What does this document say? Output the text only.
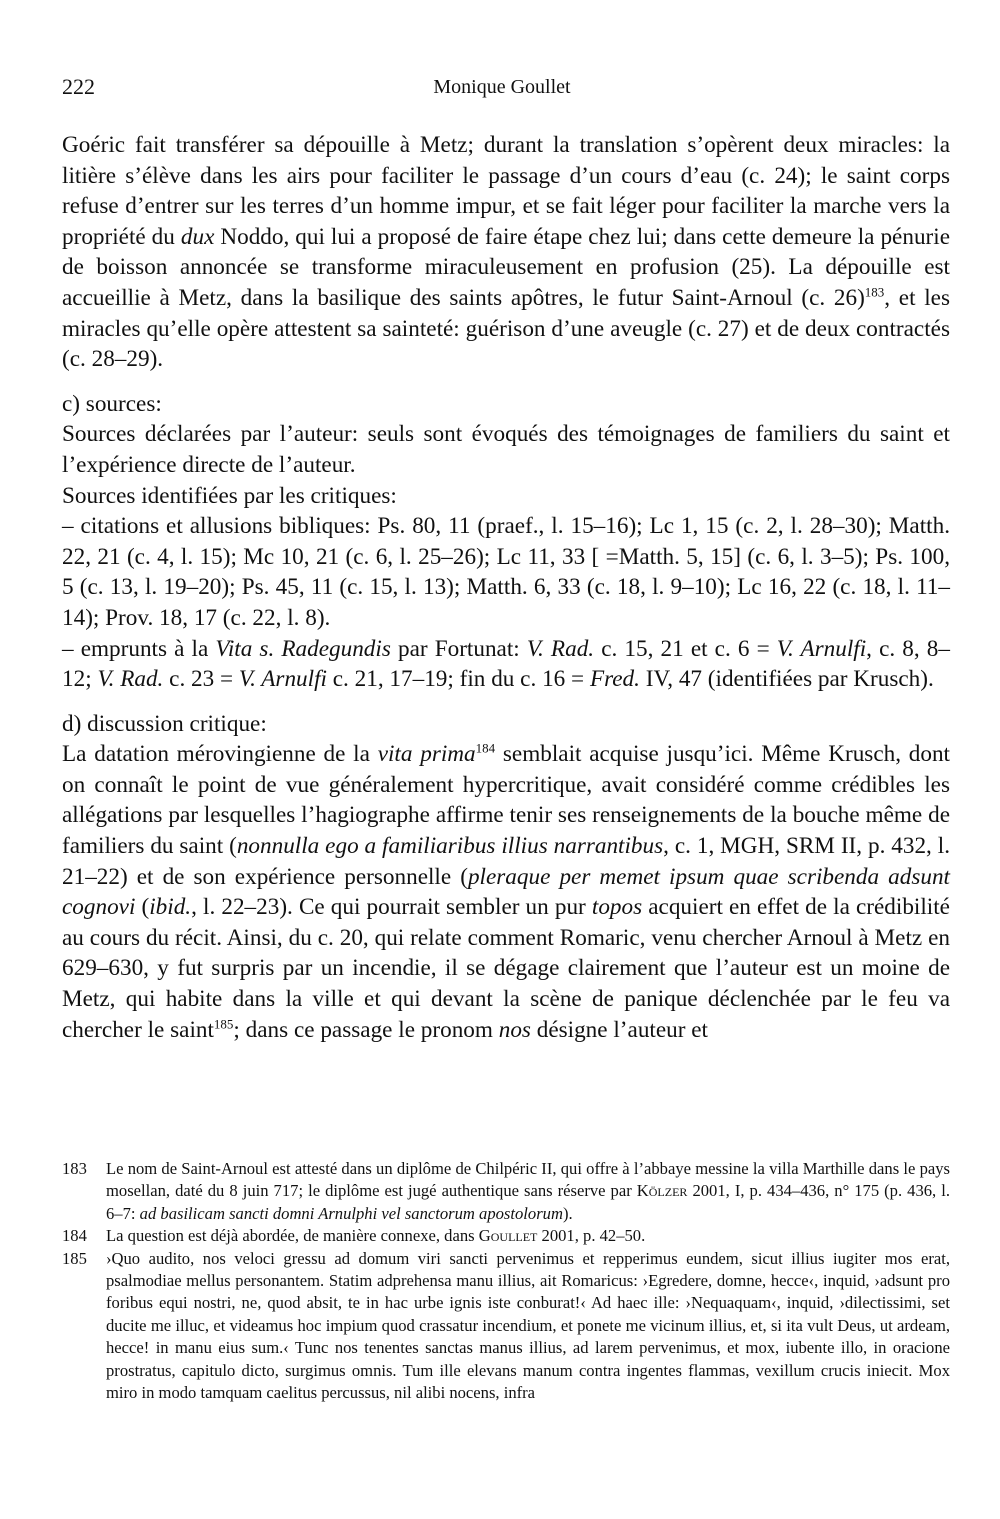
222	Monique Goullet

Goéric fait transférer sa dépouille à Metz; durant la translation s’opèrent deux miracles: la litière s’élève dans les airs pour faciliter le passage d’un cours d’eau (c. 24); le saint corps refuse d’entrer sur les terres d’un homme impur, et se fait léger pour faciliter la marche vers la propriété du dux Noddo, qui lui a proposé de faire étape chez lui; dans cette demeure la pénurie de boisson annoncée se transforme miraculeusement en profusion (25). La dépouille est accueillie à Metz, dans la basilique des saints apôtres, le futur Saint-Arnoul (c. 26)$^{183}$, et les miracles qu’elle opère attestent sa sainteté: guérison d’une aveugle (c. 27) et de deux contractés (c. 28–29).

c) sources:

Sources déclarées par l’auteur: seuls sont évoqués des témoignages de familiers du saint et l’expérience directe de l’auteur.

Sources identifiées par les critiques:

– citations et allusions bibliques: Ps. 80, 11 (praef., l. 15–16); Lc 1, 15 (c. 2, l. 28–30); Matth. 22, 21 (c. 4, l. 15); Mc 10, 21 (c. 6, l. 25–26); Lc 11, 33 [ =Matth. 5, 15] (c. 6, l. 3–5); Ps. 100, 5 (c. 13, l. 19–20); Ps. 45, 11 (c. 15, l. 13); Matth. 6, 33 (c. 18, l. 9–10); Lc 16, 22 (c. 18, l. 11–14); Prov. 18, 17 (c. 22, l. 8).

– emprunts à la Vita s. Radegundis par Fortunat: V. Rad. c. 15, 21 et c. 6 = V. Arnulfi, c. 8, 8–12; V. Rad. c. 23 = V. Arnulfi c. 21, 17–19; fin du c. 16 = Fred. IV, 47 (identifiées par Krusch).

d) discussion critique:

La datation mérovingienne de la vita prima$^{184}$ semblait acquise jusqu’ici. Même Krusch, dont on connaît le point de vue généralement hypercritique, avait considéré comme crédibles les allégations par lesquelles l’hagiographe affirme tenir ses renseignements de la bouche même de familiers du saint (nonnulla ego a familiaribus illius narrantibus, c. 1, MGH, SRM II, p. 432, l. 21–22) et de son expérience personnelle (pleraque per memet ipsum quae scribenda adsunt cognovi (ibid., l. 22–23). Ce qui pourrait sembler un pur topos acquiert en effet de la crédibilité au cours du récit. Ainsi, du c. 20, qui relate comment Romaric, venu chercher Arnoul à Metz en 629–630, y fut surpris par un incendie, il se dégage clairement que l’auteur est un moine de Metz, qui habite dans la ville et qui devant la scène de panique déclenchée par le feu va chercher le saint$^{185}$; dans ce passage le pronom nos désigne l’auteur et

183	Le nom de Saint-Arnoul est attesté dans un diplôme de Chilpéric II, qui offre à l’abbaye messine la villa Marthille dans le pays mosellan, daté du 8 juin 717; le diplôme est jugé authentique sans réserve par Kölzer 2001, I, p. 434–436, n° 175 (p. 436, l. 6–7: ad basilicam sancti domni Arnulphi vel sanctorum apostolorum).

184	La question est déjà abordée, de manière connexe, dans Goullet 2001, p. 42–50.

185	›Quo audito, nos veloci gressu ad domum viri sancti pervenimus et repperimus eundem, sicut illius iugiter mos erat, psalmodiae mellus personantem. Statim adprehensa manu illius, ait Romaricus: ›Egredere, domne, hecce‹, inquid, ›adsunt pro foribus equi nostri, ne, quod absit, te in hac urbe ignis iste conburat!‹ Ad haec ille: ›Nequaquam‹, inquid, ›dilectissimi, set ducite me illuc, et videamus hoc impium quod crassatur incendium, et ponete me vicinum illius, et, si ita vult Deus, ut ardeam, hecce! in manu eius sum.‹ Tunc nos tenentes sanctas manus illius, ad larem pervenimus, et mox, iubente illo, in oracione prostratus, capitulo dicto, surgimus omnis. Tum ille elevans manum contra ingentes flammas, vexillum crucis iniecit. Mox miro in modo tamquam caelitus percussus, nil alibi nocens, infra
